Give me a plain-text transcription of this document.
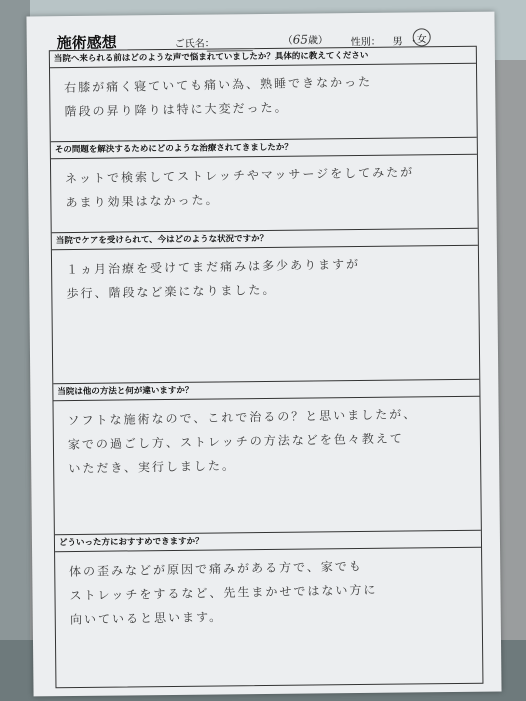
施術感想	ご氏名：	（65歳） 性別： 男 ・
女
当院へ来られる前はどのような声で悩まれていましたか？具体的に教えてください
右膝が痛く寝ていても痛い為、熟睡できなかった
階段の昇り降りは特に大変だった。
その問題を解決するためにどのような治療されてきましたか？
ネットで検索してストレッチやマッサージをしてみたが
あまり効果はなかった。
当院でケアを受けられて、今はどのような状況ですか？
１ヵ月治療を受けてまだ痛みは多少ありますが
歩行、階段など楽になりました。
当院は他の方法と何が違いますか？
ソフトな施術なので、これで治るの？と思いましたが、
家での過ごし方、ストレッチの方法などを色々教えて
いただき、実行しました。
どういった方におすすめできますか？
体の歪みなどが原因で痛みがある方で、家でも
ストレッチをするなど、先生まかせではない方に
向いていると思います。
